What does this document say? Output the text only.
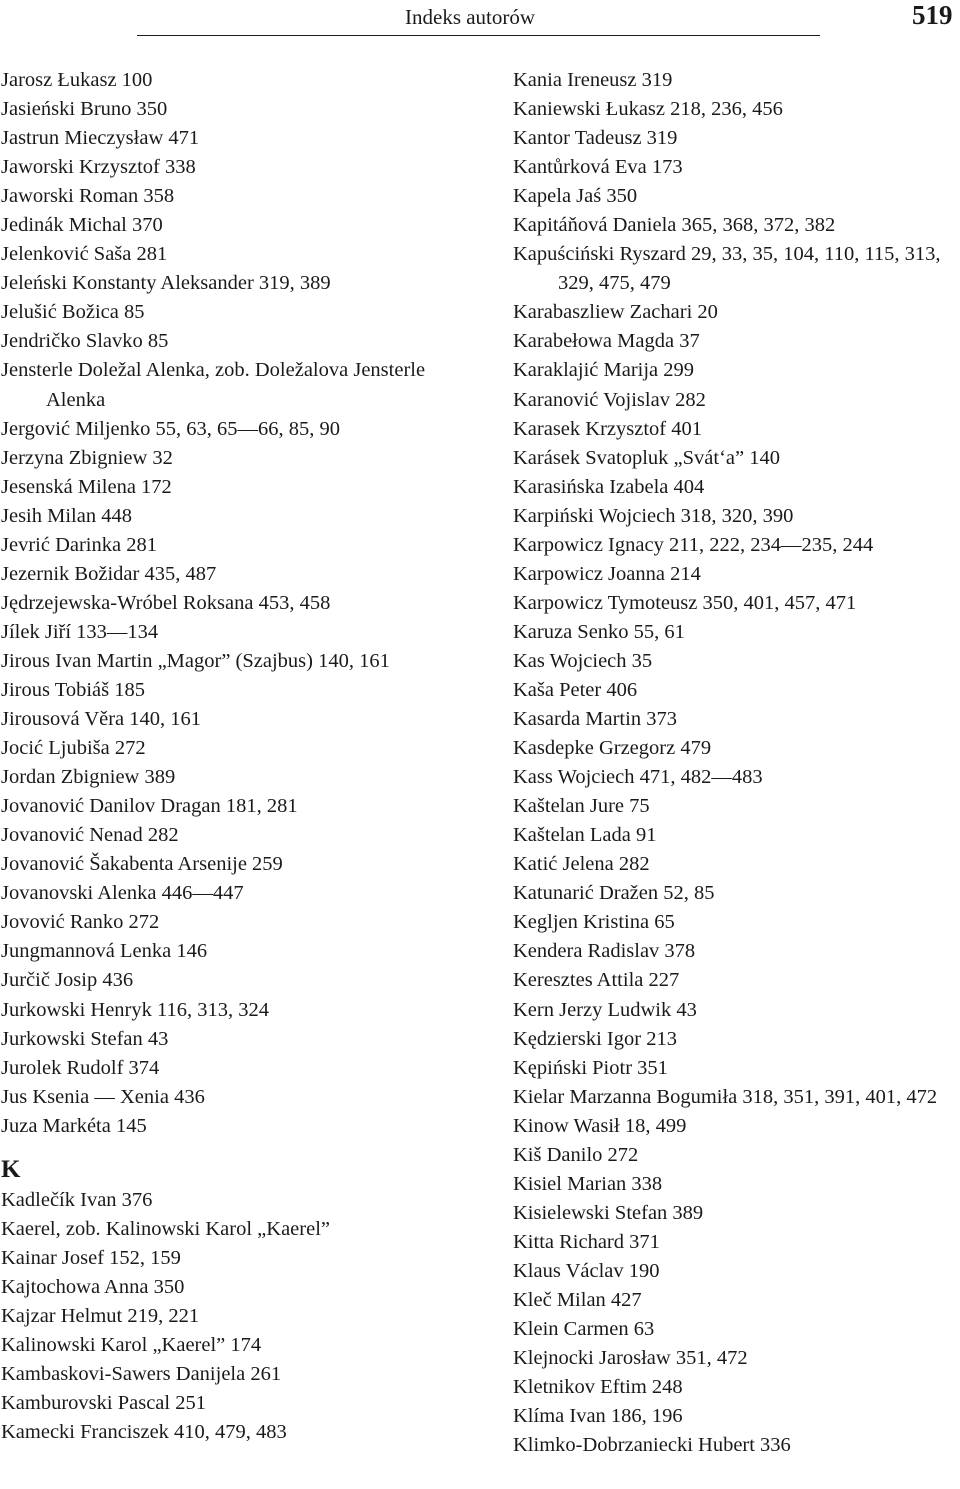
Indeks autorów	519
Jarosz Łukasz 100
Jasieński Bruno 350
Jastrun Mieczysław 471
Jaworski Krzysztof 338
Jaworski Roman 358
Jedinák Michal 370
Jelenković Saša 281
Jeleński Konstanty Aleksander 319, 389
Jelušić Božica 85
Jendričko Slavko 85
Jensterle Doležal Alenka, zob. Doležalova Jensterle Alenka
Jergović Miljenko 55, 63, 65—66, 85, 90
Jerzyna Zbigniew 32
Jesenská Milena 172
Jesih Milan 448
Jevrić Darinka 281
Jezernik Božidar 435, 487
Jędrzejewska-Wróbel Roksana 453, 458
Jílek Jiří 133—134
Jirous Ivan Martin „Magor” (Szajbus) 140, 161
Jirous Tobiáš 185
Jirousová Věra 140, 161
Jocić Ljubiša 272
Jordan Zbigniew 389
Jovanović Danilov Dragan 181, 281
Jovanović Nenad 282
Jovanović Šakabenta Arsenije 259
Jovanovski Alenka 446—447
Jovović Ranko 272
Jungmannová Lenka 146
Jurčič Josip 436
Jurkowski Henryk 116, 313, 324
Jurkowski Stefan 43
Jurolek Rudolf 374
Jus Ksenia — Xenia 436
Juza Markéta 145
K
Kadlečík Ivan 376
Kaerel, zob. Kalinowski Karol „Kaerel”
Kainar Josef 152, 159
Kajtochowa Anna 350
Kajzar Helmut 219, 221
Kalinowski Karol „Kaerel” 174
Kambaskovi-Sawers Danijela 261
Kamburovski Pascal 251
Kamecki Franciszek 410, 479, 483
Kania Ireneusz 319
Kaniewski Łukasz 218, 236, 456
Kantor Tadeusz 319
Kantůrková Eva 173
Kapela Jaś 350
Kapitáňová Daniela 365, 368, 372, 382
Kapuściński Ryszard 29, 33, 35, 104, 110, 115, 313, 329, 475, 479
Karabaszliew Zachari 20
Karabełowa Magda 37
Karaklajić Marija 299
Karanović Vojislav 282
Karasek Krzysztof 401
Karásek Svatopluk „Svát‘a” 140
Karasińska Izabela 404
Karpiński Wojciech 318, 320, 390
Karpowicz Ignacy 211, 222, 234—235, 244
Karpowicz Joanna 214
Karpowicz Tymoteusz 350, 401, 457, 471
Karuza Senko 55, 61
Kas Wojciech 35
Kaša Peter 406
Kasarda Martin 373
Kasdepke Grzegorz 479
Kass Wojciech 471, 482—483
Kaštelan Jure 75
Kaštelan Lada 91
Katić Jelena 282
Katunarić Dražen 52, 85
Kegljen Kristina 65
Kendera Radislav 378
Keresztes Attila 227
Kern Jerzy Ludwik 43
Kędzierski Igor 213
Kępiński Piotr 351
Kielar Marzanna Bogumiła 318, 351, 391, 401, 472
Kinow Wasił 18, 499
Kiš Danilo 272
Kisiel Marian 338
Kisielewski Stefan 389
Kitta Richard 371
Klaus Václav 190
Kleč Milan 427
Klein Carmen 63
Klejnocki Jarosław 351, 472
Kletnikov Eftim 248
Klíma Ivan 186, 196
Klimko-Dobrzaniecki Hubert 336
